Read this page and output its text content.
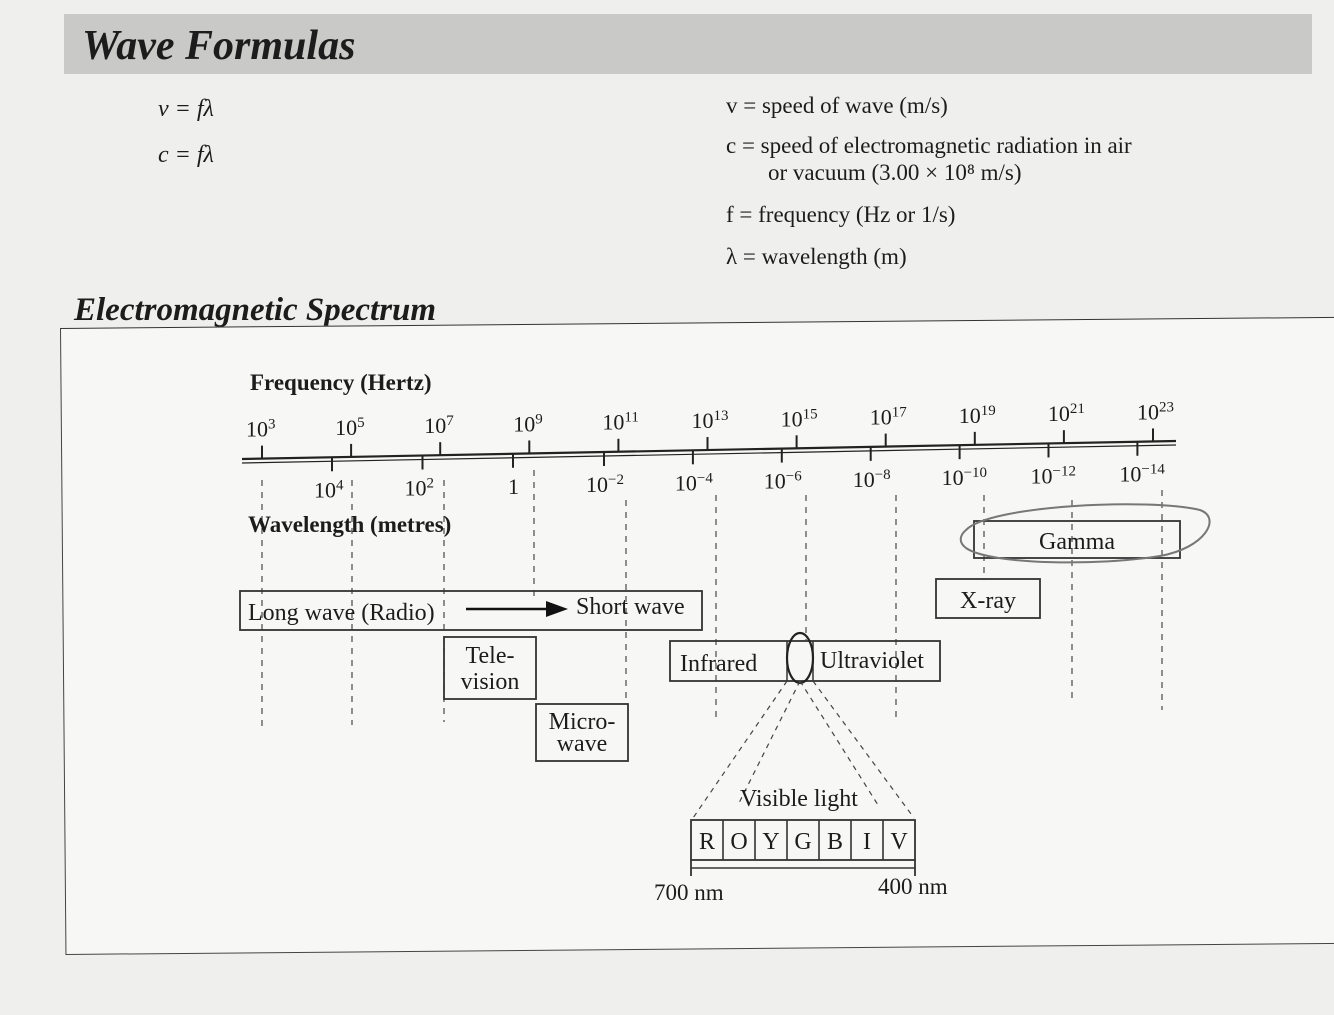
Wave Formulas
v = fλ
c = fλ
v = speed of wave (m/s)
c = speed of electromagnetic radiation in air
or vacuum (3.00 × 10⁸ m/s)
f = frequency (Hz or 1/s)
λ = wavelength (m)
Electromagnetic Spectrum
Frequency (Hertz)
Wavelength (metres)
$10^3$	$10^5$	$10^7$	$10^9$	$10^{11}$ $10^{13}$ $10^{15}$ $10^{17}$ $10^{19}$ $10^{21}$ $10^{23}$
$10^4$	$10^2$	1	$10^{-2}$ $10^{-4}$ $10^{-6}$ $10^{-8}$ $10^{-10}$ $10^{-12}$ $10^{-14}$
Long wave (Radio)	Short wave
Tele-
vision
Micro-
wave
Infrared	Ultraviolet
X-ray
Gamma
Visible light
R O Y G B I V
700 nm	400 nm
